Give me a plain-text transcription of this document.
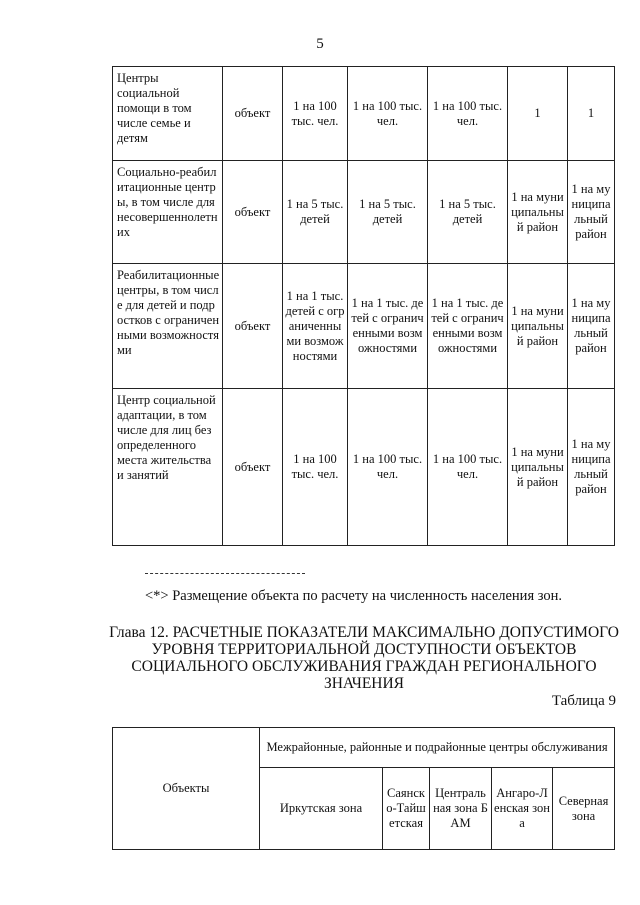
5
Центры социальной помощи в том числе семье и детям	объект	1 на 100 тыс. чел.	1 на 100 тыс. чел.	1 на 100 тыс. чел.	1	1
Социально-реабилитационные центры, в том числе для несовершеннолетних	объект	1 на 5 тыс. детей	1 на 5 тыс. детей	1 на 5 тыс. детей	1 на муниципальный район	1 на муниципальный район
Реабилитационные центры, в том числе для детей и подростков с ограниченными возможностями	объект	1 на 1 тыс. детей с ограниченными возможностями	1 на 1 тыс. детей с ограниченными возможностями	1 на 1 тыс. детей с ограниченными возможностями	1 на муниципальный район	1 на муниципальный район
Центр социальной адаптации, в том числе для лиц без определенного места жительства и занятий	объект	1 на 100 тыс. чел.	1 на 100 тыс. чел.	1 на 100 тыс. чел.	1 на муниципальный район	1 на муниципальный район
<*> Размещение объекта по расчету на численность населения зон.
Глава 12. РАСЧЕТНЫЕ ПОКАЗАТЕЛИ МАКСИМАЛЬНО ДОПУСТИМОГО УРОВНЯ ТЕРРИТОРИАЛЬНОЙ ДОСТУПНОСТИ ОБЪЕКТОВ СОЦИАЛЬНОГО ОБСЛУЖИВАНИЯ ГРАЖДАН РЕГИОНАЛЬНОГО ЗНАЧЕНИЯ
Таблица 9
Объекты	Межрайонные, районные и подрайонные центры обслуживания				
	Иркутская зона	Саянско-Тайшетская	Центральная зона БАМ	Ангаро-Ленская зона	Северная зона
